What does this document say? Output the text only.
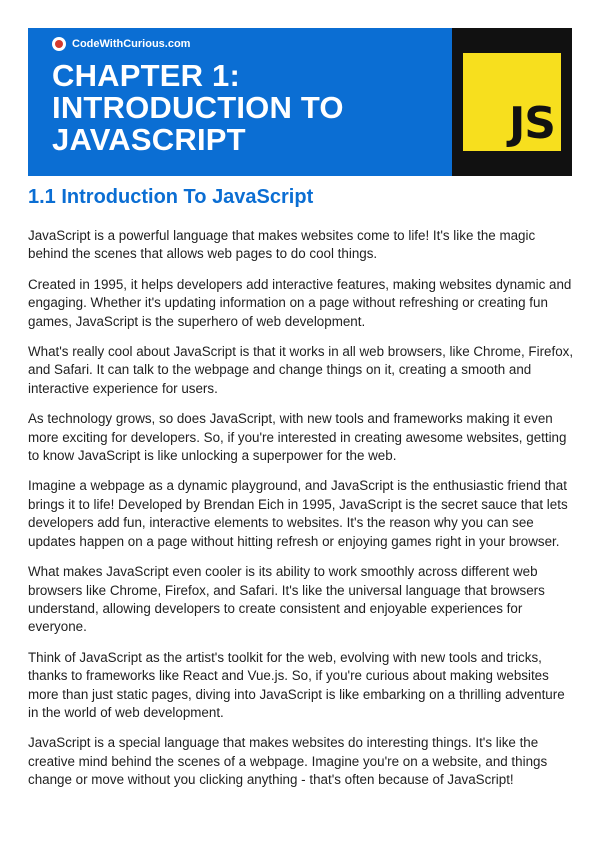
CodeWithCurious.com
CHAPTER 1: INTRODUCTION TO JAVASCRIPT	JS
1.1 Introduction To JavaScript

JavaScript is a powerful language that makes websites come to life! It's like the magic behind the scenes that allows web pages to do cool things.

Created in 1995, it helps developers add interactive features, making websites dynamic and engaging. Whether it's updating information on a page without refreshing or creating fun games, JavaScript is the superhero of web development.

What's really cool about JavaScript is that it works in all web browsers, like Chrome, Firefox, and Safari. It can talk to the webpage and change things on it, creating a smooth and interactive experience for users.

As technology grows, so does JavaScript, with new tools and frameworks making it even more exciting for developers. So, if you're interested in creating awesome websites, getting to know JavaScript is like unlocking a superpower for the web.

Imagine a webpage as a dynamic playground, and JavaScript is the enthusiastic friend that brings it to life! Developed by Brendan Eich in 1995, JavaScript is the secret sauce that lets developers add fun, interactive elements to websites. It's the reason why you can see updates happen on a page without hitting refresh or enjoying games right in your browser.

What makes JavaScript even cooler is its ability to work smoothly across different web browsers like Chrome, Firefox, and Safari. It's like the universal language that browsers understand, allowing developers to create consistent and enjoyable experiences for everyone.

Think of JavaScript as the artist's toolkit for the web, evolving with new tools and tricks, thanks to frameworks like React and Vue.js. So, if you're curious about making websites more than just static pages, diving into JavaScript is like embarking on a thrilling adventure in the world of web development.

JavaScript is a special language that makes websites do interesting things. It's like the creative mind behind the scenes of a webpage. Imagine you're on a website, and things change or move without you clicking anything - that's often because of JavaScript!
